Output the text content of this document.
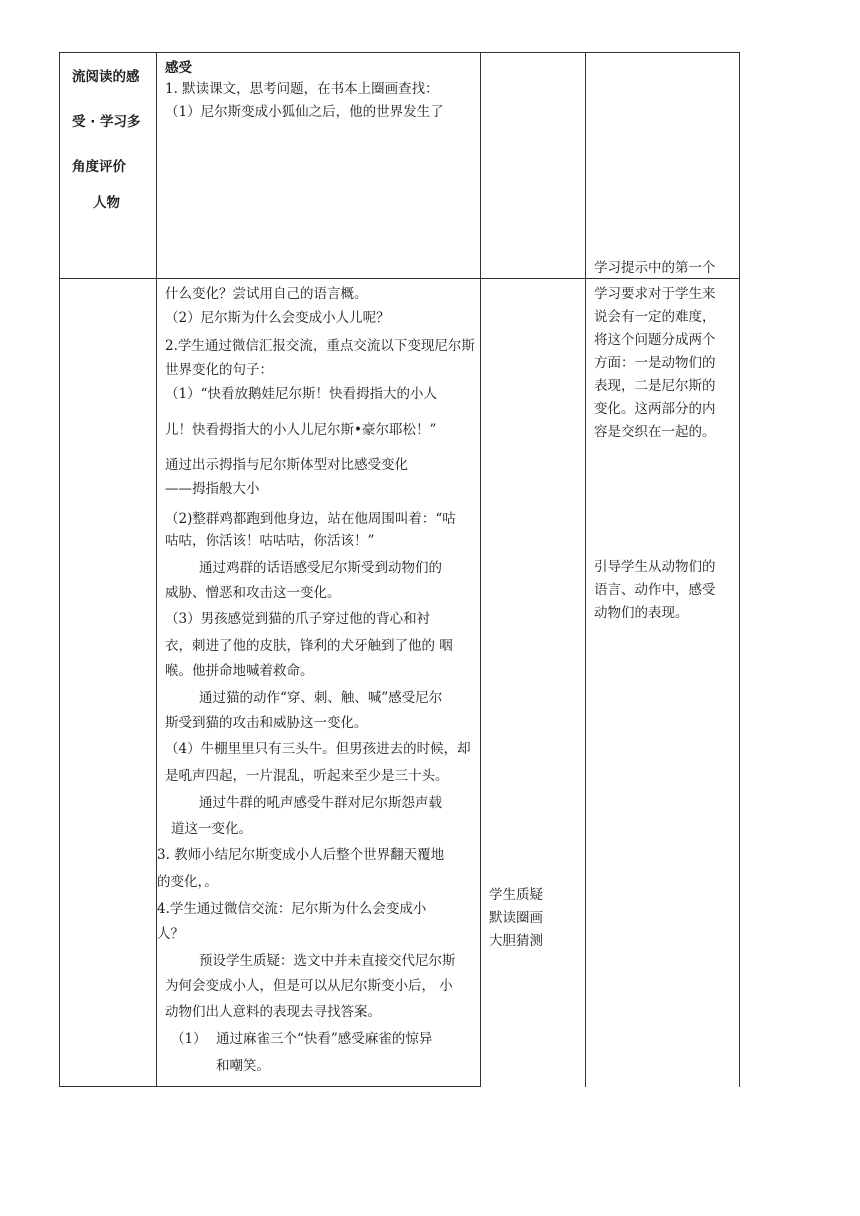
流阅读的感
受 · 学习多
角度评价
人物
感受
1. 默读课文，思考问题，在书本上圈画查找：
（1）尼尔斯变成小狐仙之后，他的世界发生了
学习提示中的第一个
什么变化？尝试用自己的语言概。
（2）尼尔斯为什么会变成小人儿呢？
2.学生通过微信汇报交流，重点交流以下变现尼尔斯
世界变化的句子：
（1）“快看放鹅娃尼尔斯！快看拇指大的小人
儿！快看拇指大的小人儿尼尔斯•豪尔耶松！”
通过出示拇指与尼尔斯体型对比感受变化
——拇指般大小
（2)整群鸡都跑到他身边，站在他周围叫着：“咕
咕咕，你活该！咕咕咕，你活该！”
通过鸡群的话语感受尼尔斯受到动物们的
威胁、憎恶和攻击这一变化。
（3）男孩感觉到猫的爪子穿过他的背心和衬
衣，刺进了他的皮肤，锋利的犬牙触到了他的 咽
喉。他拼命地喊着救命。
通过猫的动作“穿、刺、触、喊”感受尼尔
斯受到猫的攻击和威胁这一变化。
（4）牛棚里里只有三头牛。但男孩进去的时候，却
是吼声四起，一片混乱，听起来至少是三十头。
通过牛群的吼声感受牛群对尼尔斯怨声载
道这一变化。
3. 教师小结尼尔斯变成小人后整个世界翻天覆地
的变化，。
4.学生通过微信交流：尼尔斯为什么会变成小
人？
预设学生质疑：选文中并未直接交代尼尔斯
为何会变成小人，但是可以从尼尔斯变小后， 小
动物们出人意料的表现去寻找答案。
（1） 通过麻雀三个“快看”感受麻雀的惊异
和嘲笑。
学生质疑
默读圈画
大胆猜测
学习要求对于学生来
说会有一定的难度，
将这个问题分成两个
方面：一是动物们的
表现，二是尼尔斯的
变化。这两部分的内
容是交织在一起的。
引导学生从动物们的
语言、动作中，感受
动物们的表现。
